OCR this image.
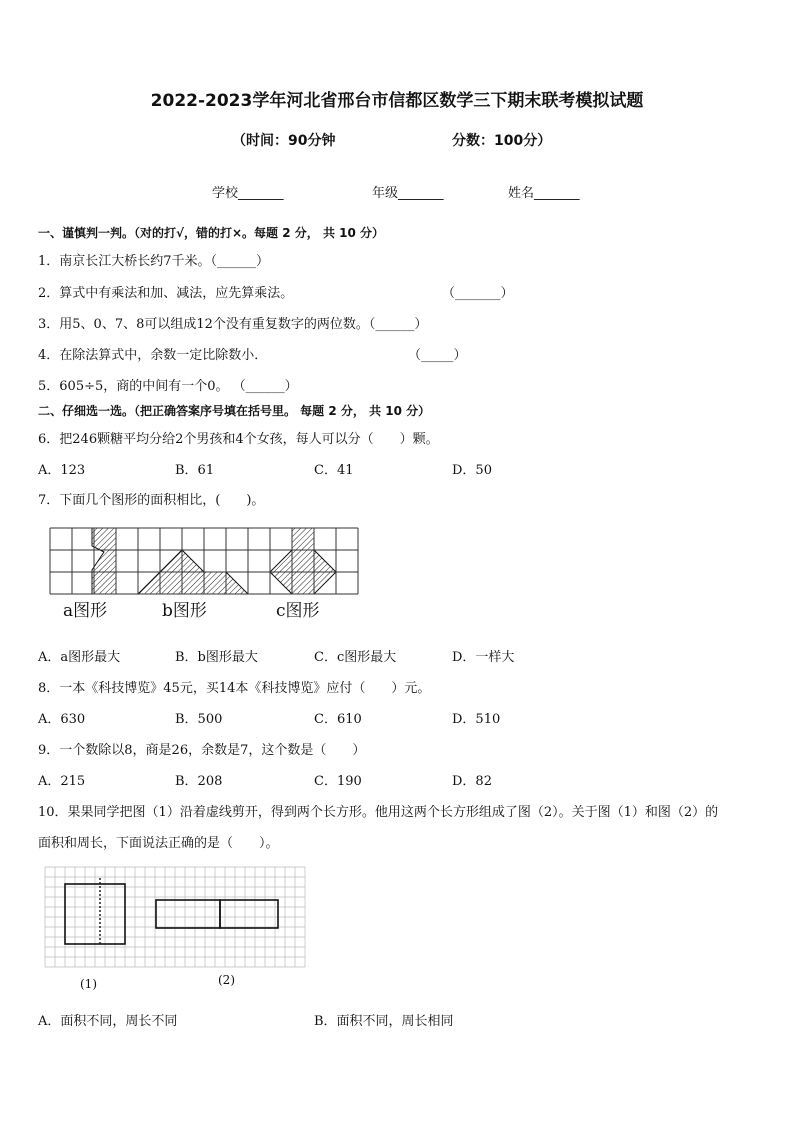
2022-2023学年河北省邢台市信都区数学三下期末联考模拟试题
（时间：90分钟	分数：100分）
学校_______	年级_______	姓名_______
一、谨慎判一判。（对的打√，错的打×。每题 2 分， 共 10 分）
1．南京长江大桥长约7千米。（______）
2．算式中有乘法和加、减法，应先算乘法。	（_______）
3．用5、0、7、8可以组成12个没有重复数字的两位数。（______）
4．在除法算式中，余数一定比除数小．	（_____）
5．605÷5，商的中间有一个0。 （______）
二、仔细选一选。（把正确答案序号填在括号里。 每题 2 分， 共 10 分）
6．把246颗糖平均分给2个男孩和4个女孩，每人可以分（　　）颗。
A．123	B．61	C．41	D．50
7．下面几个图形的面积相比，(　　)。
a图形	b图形	c图形
A．a图形最大	B．b图形最大	C．c图形最大	D．一样大
8．一本《科技博览》45元，买14本《科技博览》应付（　　）元。
A．630	B．500	C．610	D．510
9．一个数除以8，商是26，余数是7，这个数是（　　）
A．215	B．208	C．190	D．82
10．果果同学把图（1）沿着虚线剪开，得到两个长方形。他用这两个长方形组成了图（2）。关于图（1）和图（2）的
面积和周长，下面说法正确的是（　　）。
(1)	(2)
A．面积不同，周长不同	B．面积不同，周长相同
